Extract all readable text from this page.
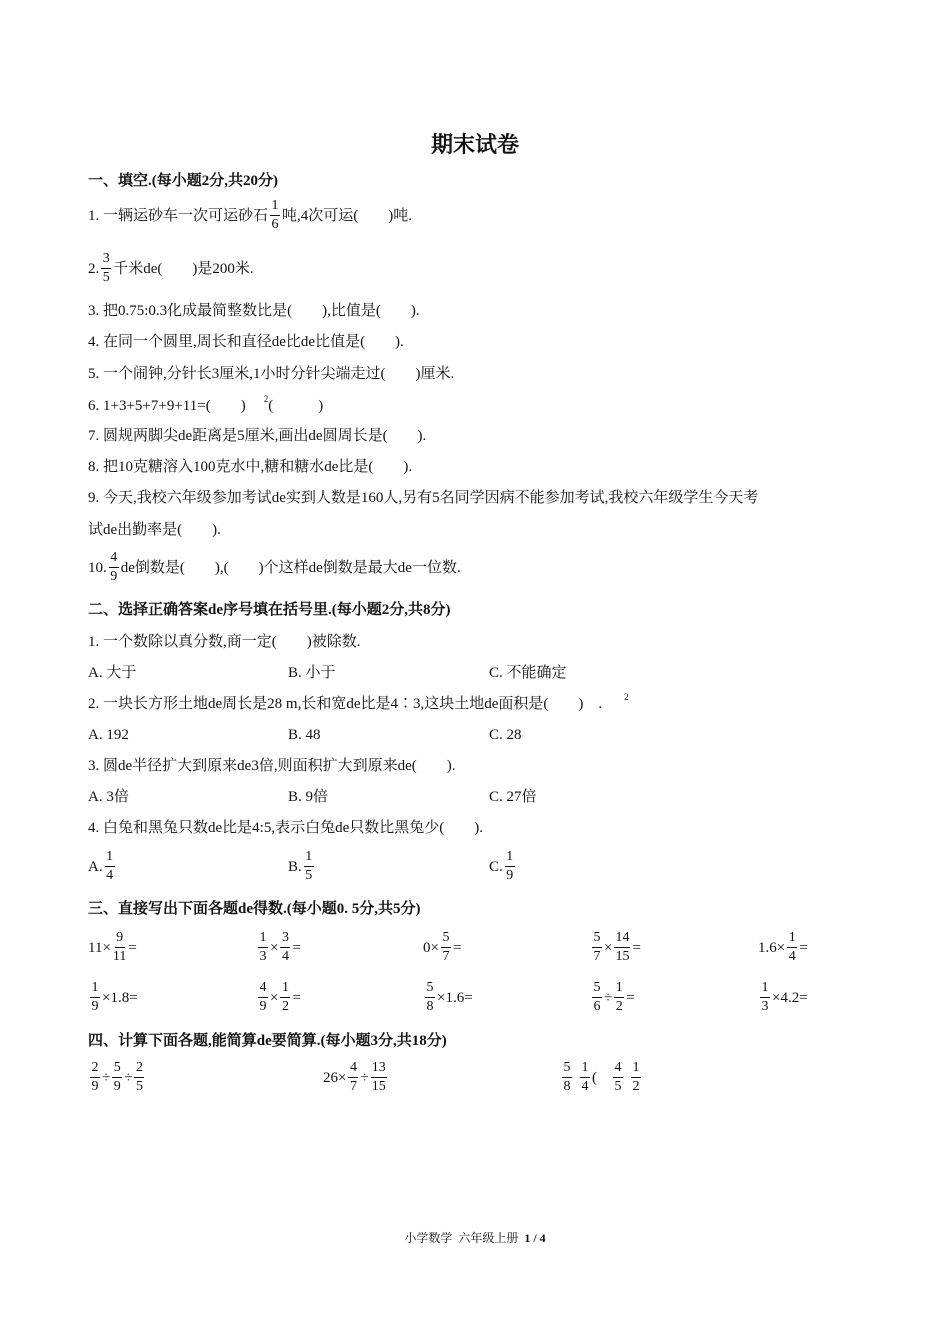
期末试卷
一、填空.(每小题2分,共20分)
1. 一辆运砂车一次可运砂石 $\frac{1}{6}$ 吨,4次可运(　　)吨.
2. $\frac{3}{5}$ 千米de(　　)是200米.
3. 把0.75:0.3化成最简整数比是(　　),比值是(　　).
4. 在同一个圆里,周长和直径de比de比值是(　　).
5. 一个闹钟,分针长3厘米,1小时分针尖端走过(　　)厘米.
6. 1+3+5+7+9+11=(　　) $^2$(　　　)
7. 圆规两脚尖de距离是5厘米,画出de圆周长是(　　).
8. 把10克糖溶入100克水中,糖和糖水de比是(　　).
9. 今天,我校六年级参加考试de实到人数是160人,另有5名同学因病不能参加考试,我校六年级学生今天考
试de出勤率是(　　).
10. $\frac{4}{9}$ de倒数是(　　),(　　)个这样de倒数是最大de一位数.
二、选择正确答案de序号填在括号里.(每小题2分,共8分)
1. 一个数除以真分数,商一定(　　)被除数.
A. 大于	B. 小于	C. 不能确定
2. 一块长方形土地de周长是28 m,长和宽de比是4∶3,这块土地de面积是(　　)　. $^2$
A. 192	B. 48	C. 28
3. 圆de半径扩大到原来de3倍,则面积扩大到原来de(　　).
A. 3倍	B. 9倍	C. 27倍
4. 白兔和黑兔只数de比是4:5,表示白兔de只数比黑兔少(　　).
A. $\frac{1}{4}$	B. $\frac{1}{5}$	C. $\frac{1}{9}$
三、直接写出下面各题de得数.(每小题0. 5分,共5分)
$11\times \frac{9}{11}$ =	$\frac{1}{3} \times \frac{3}{4}$ =	$0\times \frac{5}{7}$ =	$\frac{5}{7} \times \frac{14}{15}$ =	$1.6\times \frac{1}{4}$ =
$\frac{1}{9} \times 1.8=$	$\frac{4}{9} \times \frac{1}{2}$ =	$\frac{5}{8} \times 1.6=$	$\frac{5}{6} \div \frac{1}{2}$ =	$\frac{1}{3} \times 4.2=$
四、计算下面各题,能简算de要简算.(每小题3分,共18分)
$\frac{2}{9} \div \frac{5}{9} \div \frac{2}{5}$	$26\times \frac{4}{7} \div \frac{13}{15}$	$\frac{5}{8} \frac{1}{4}$ ( $\frac{4}{5} \frac{1}{2}$
小学数学 六年级上册 1 / 4
